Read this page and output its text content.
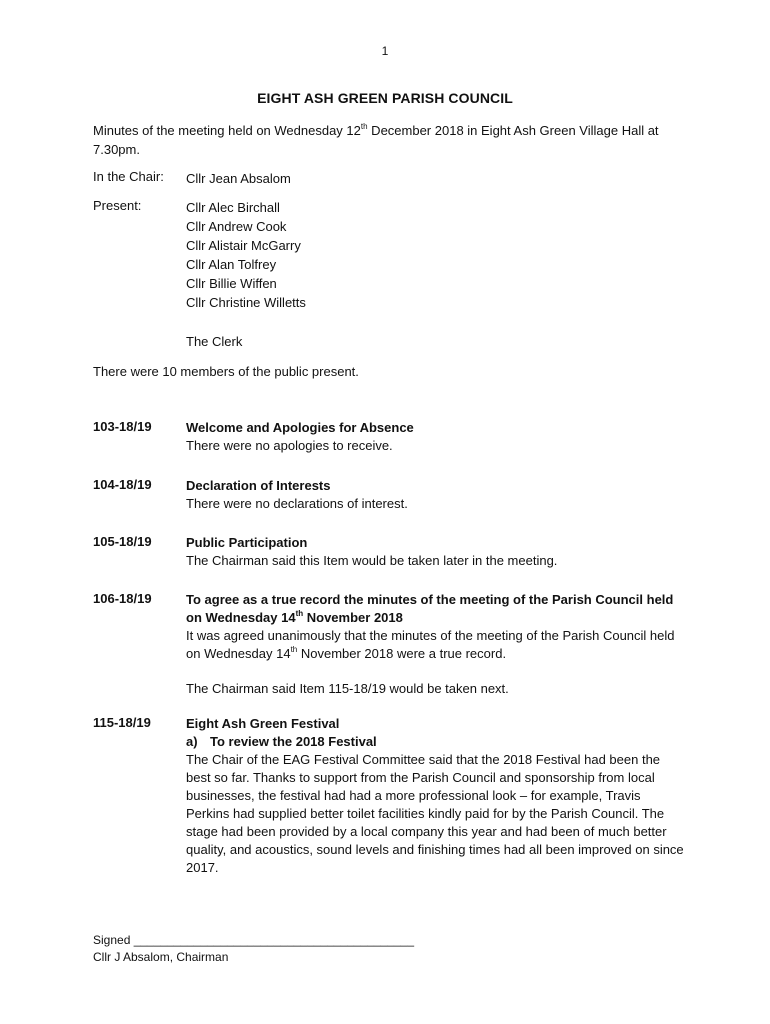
1
EIGHT ASH GREEN PARISH COUNCIL
Minutes of the meeting held on Wednesday 12th December 2018 in Eight Ash Green Village Hall at 7.30pm.
In the Chair: Cllr Jean Absalom
Present:	Cllr Alec Birchall
Cllr Andrew Cook
Cllr Alistair McGarry
Cllr Alan Tolfrey
Cllr Billie Wiffen
Cllr Christine Willetts
The Clerk
There were 10 members of the public present.
103-18/19	Welcome and Apologies for Absence
There were no apologies to receive.
104-18/19	Declaration of Interests
There were no declarations of interest.
105-18/19	Public Participation
The Chairman said this Item would be taken later in the meeting.
106-18/19	To agree as a true record the minutes of the meeting of the Parish Council held on Wednesday 14th November 2018
It was agreed unanimously that the minutes of the meeting of the Parish Council held on Wednesday 14th November 2018 were a true record.
The Chairman said Item 115-18/19 would be taken next.
115-18/19	Eight Ash Green Festival
a) To review the 2018 Festival
The Chair of the EAG Festival Committee said that the 2018 Festival had been the best so far. Thanks to support from the Parish Council and sponsorship from local businesses, the festival had had a more professional look – for example, Travis Perkins had supplied better toilet facilities kindly paid for by the Parish Council. The stage had been provided by a local company this year and had been of much better quality, and acoustics, sound levels and finishing times had all been improved on since 2017.
Signed __________________________________________
Cllr J Absalom, Chairman
